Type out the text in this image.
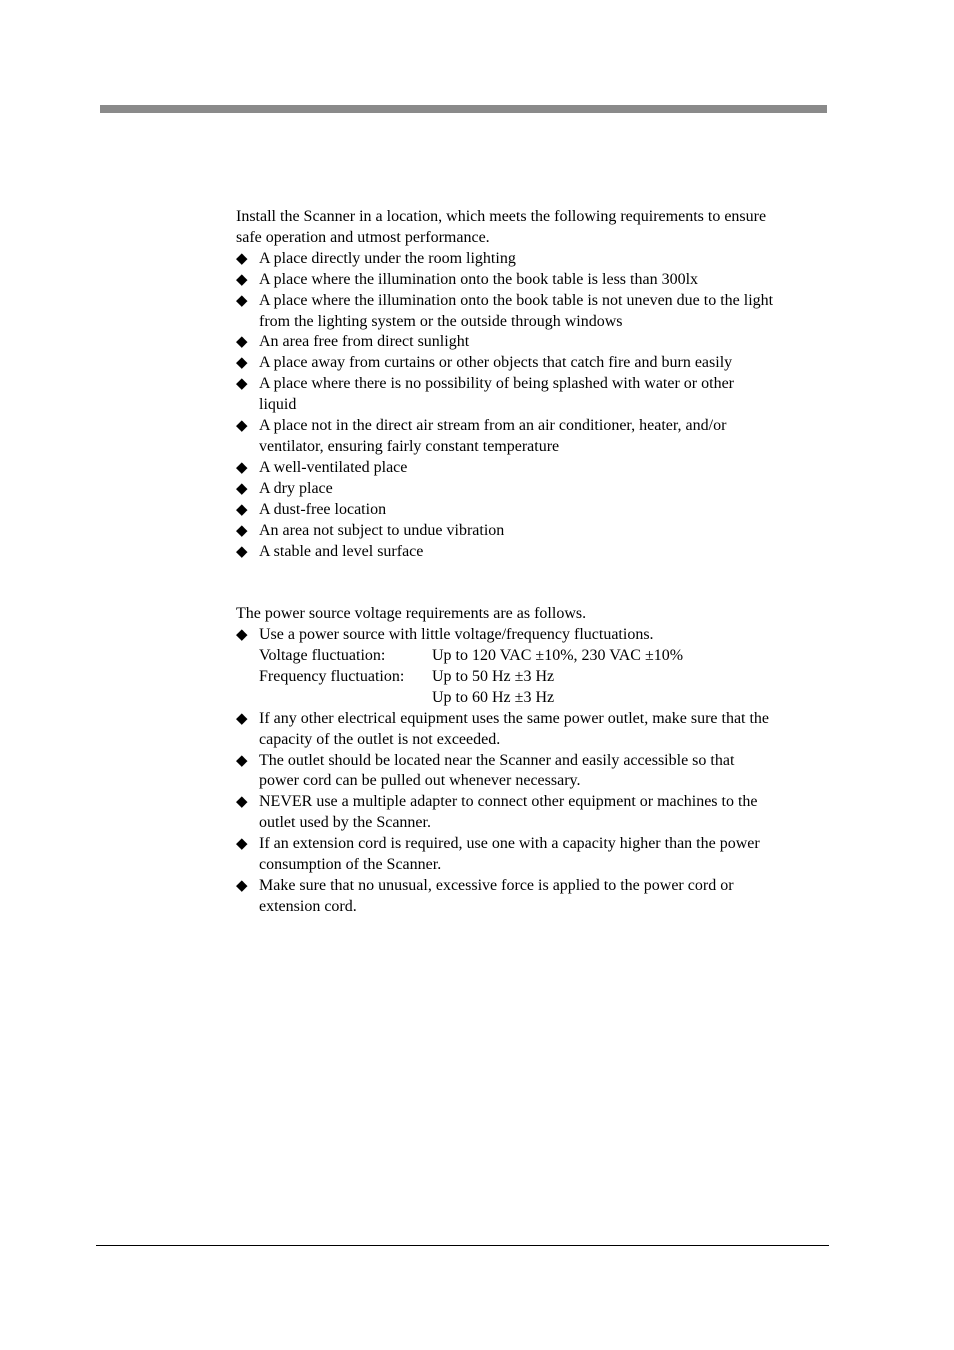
Install the Scanner in a location, which meets the following requirements to ensure
safe operation and utmost performance.

◆ A place directly under the room lighting
◆ A place where the illumination onto the book table is less than 300lx
◆ A place where the illumination onto the book table is not uneven due to the light
from the lighting system or the outside through windows
◆ An area free from direct sunlight
◆ A place away from curtains or other objects that catch fire and burn easily
◆ A place where there is no possibility of being splashed with water or other
liquid
◆ A place not in the direct air stream from an air conditioner, heater, and/or
ventilator, ensuring fairly constant temperature
◆ A well-ventilated place
◆ A dry place
◆ A dust-free location
◆ An area not subject to undue vibration
◆ A stable and level surface

The power source voltage requirements are as follows.

◆ Use a power source with little voltage/frequency fluctuations.
Voltage fluctuation:	Up to 120 VAC ±10%, 230 VAC ±10%
Frequency fluctuation:	Up to 50 Hz ±3 Hz
Up to 60 Hz ±3 Hz
◆ If any other electrical equipment uses the same power outlet, make sure that the
capacity of the outlet is not exceeded.
◆ The outlet should be located near the Scanner and easily accessible so that
power cord can be pulled out whenever necessary.
◆ NEVER use a multiple adapter to connect other equipment or machines to the
outlet used by the Scanner.
◆ If an extension cord is required, use one with a capacity higher than the power
consumption of the Scanner.
◆ Make sure that no unusual, excessive force is applied to the power cord or
extension cord.
